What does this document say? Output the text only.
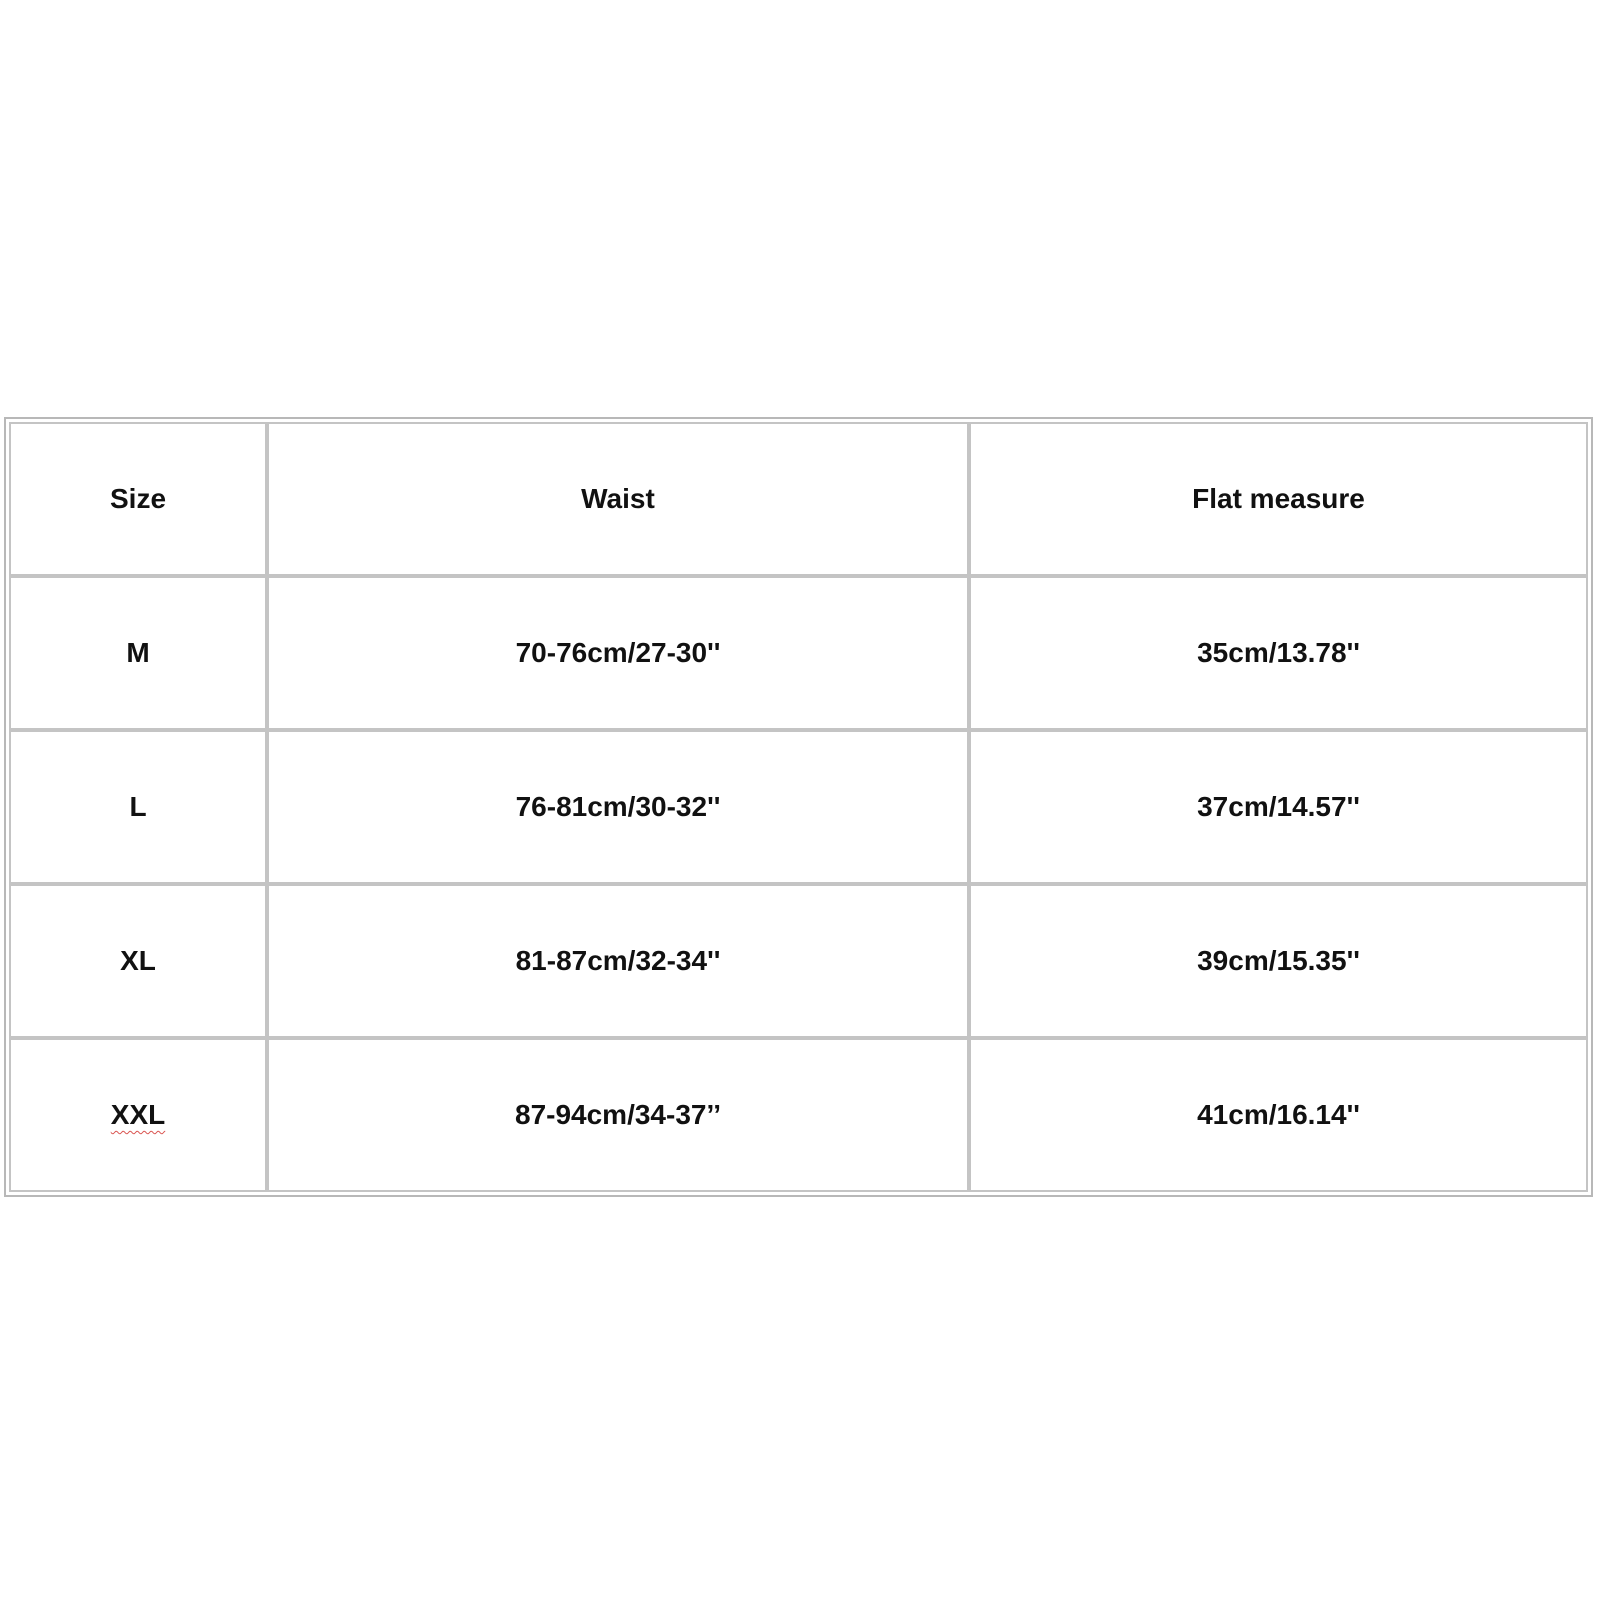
Size	Waist	Flat measure
M	70-76cm/27-30''	35cm/13.78''
L	76-81cm/30-32''	37cm/14.57''
XL	81-87cm/32-34''	39cm/15.35''
XXL	87-94cm/34-37’’	41cm/16.14''
